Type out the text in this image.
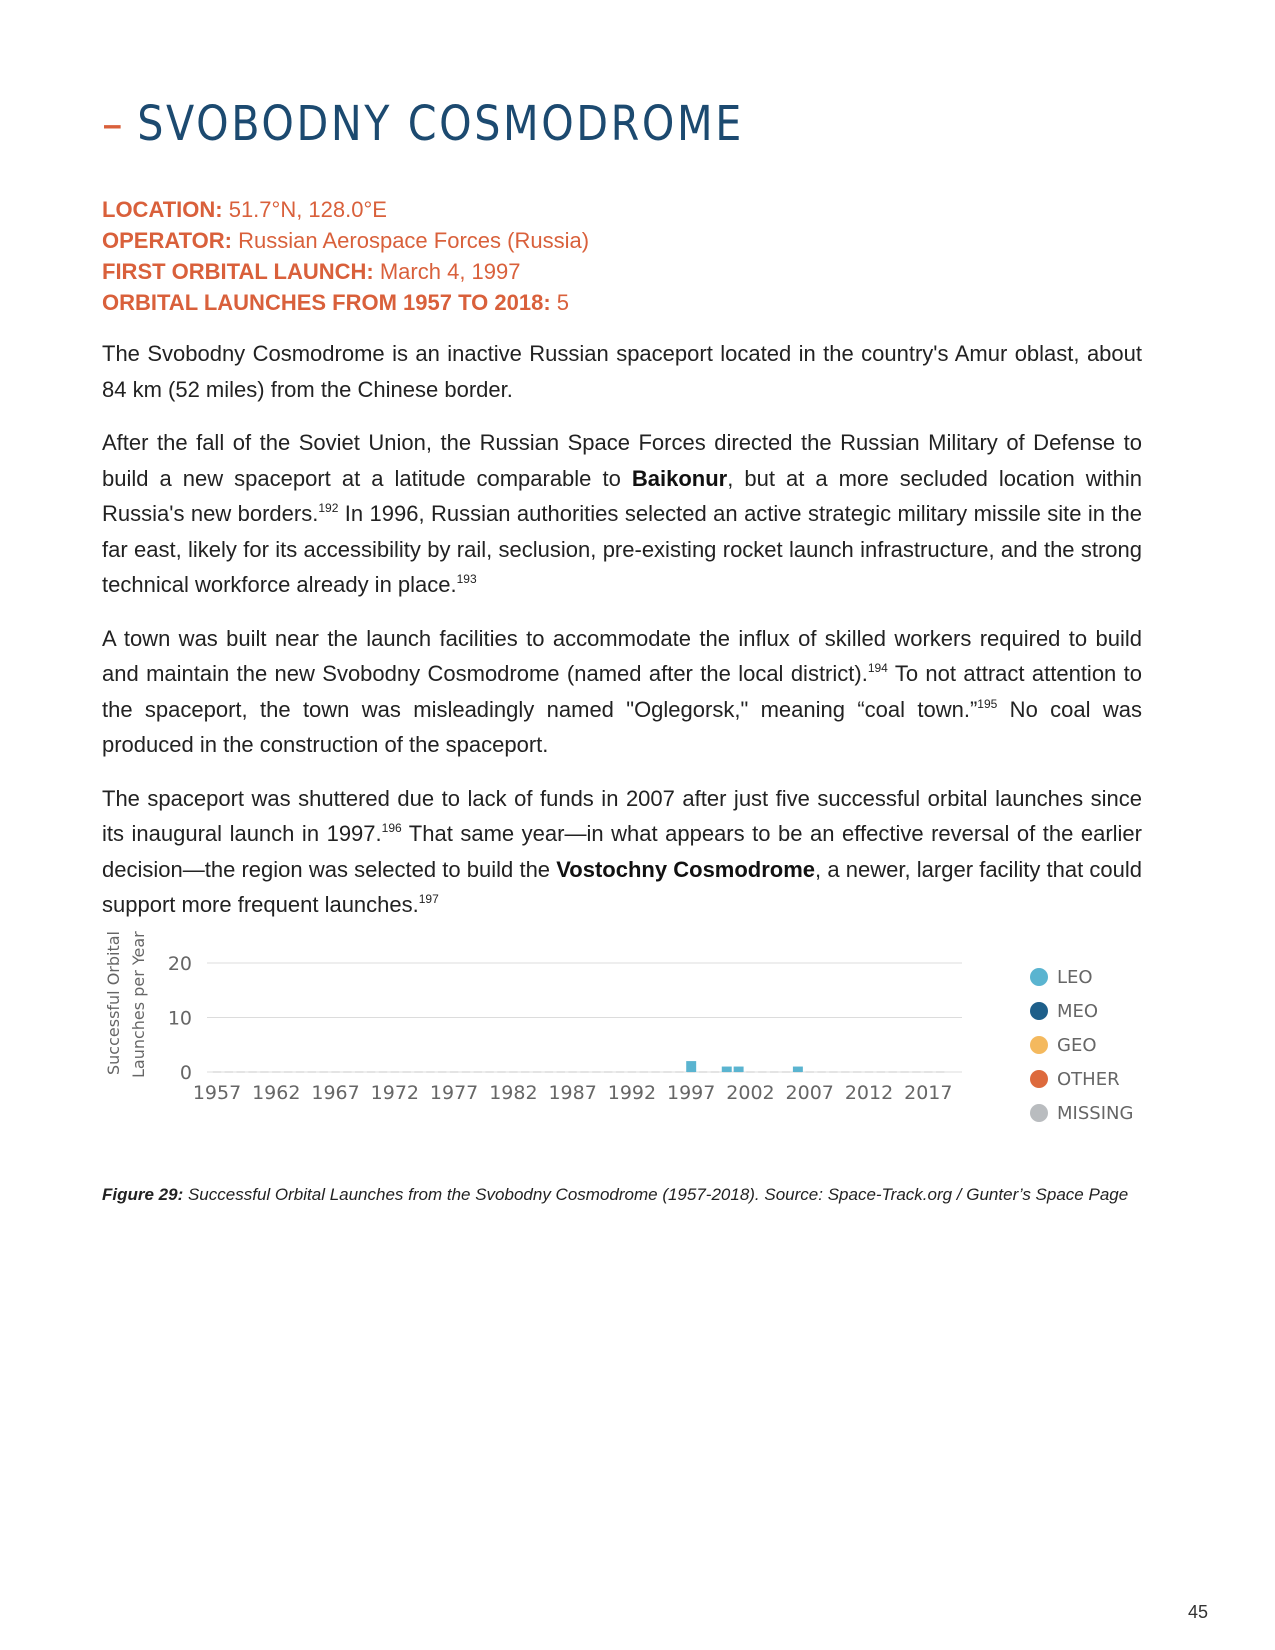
– SVOBODNY COSMODROME
LOCATION: 51.7°N, 128.0°E
OPERATOR: Russian Aerospace Forces (Russia)
FIRST ORBITAL LAUNCH: March 4, 1997
ORBITAL LAUNCHES FROM 1957 TO 2018: 5

The Svobodny Cosmodrome is an inactive Russian spaceport located in the country's Amur oblast, about 84 km (52 miles) from the Chinese border.

After the fall of the Soviet Union, the Russian Space Forces directed the Russian Military of Defense to build a new spaceport at a latitude comparable to Baikonur, but at a more secluded location within Russia's new borders.$^{192}$ In 1996, Russian authorities selected an active strategic military missile site in the far east, likely for its accessibility by rail, seclusion, pre-existing rocket launch infrastructure, and the strong technical workforce already in place.$^{193}$

A town was built near the launch facilities to accommodate the influx of skilled workers required to build and maintain the new Svobodny Cosmodrome (named after the local district).$^{194}$ To not attract attention to the spaceport, the town was misleadingly named "Oglegorsk," meaning “coal town.”$^{195}$ No coal was produced in the construction of the spaceport.

The spaceport was shuttered due to lack of funds in 2007 after just five successful orbital launches since its inaugural launch in 1997.$^{196}$ That same year—in what appears to be an effective reversal of the earlier decision—the region was selected to build the Vostochny Cosmodrome, a newer, larger facility that could support more frequent launches.$^{197}$

Successful Orbital Launches per Year 0
10
20
1957 1962 1967 1972 1977 1982 1987 1992 1997 2002 2007 2012 2017
LEO
MEO
GEO
OTHER
MISSING
Figure 29: Successful Orbital Launches from the Svobodny Cosmodrome (1957-2018). Source: Space-Track.org / Gunter’s Space Page
45
